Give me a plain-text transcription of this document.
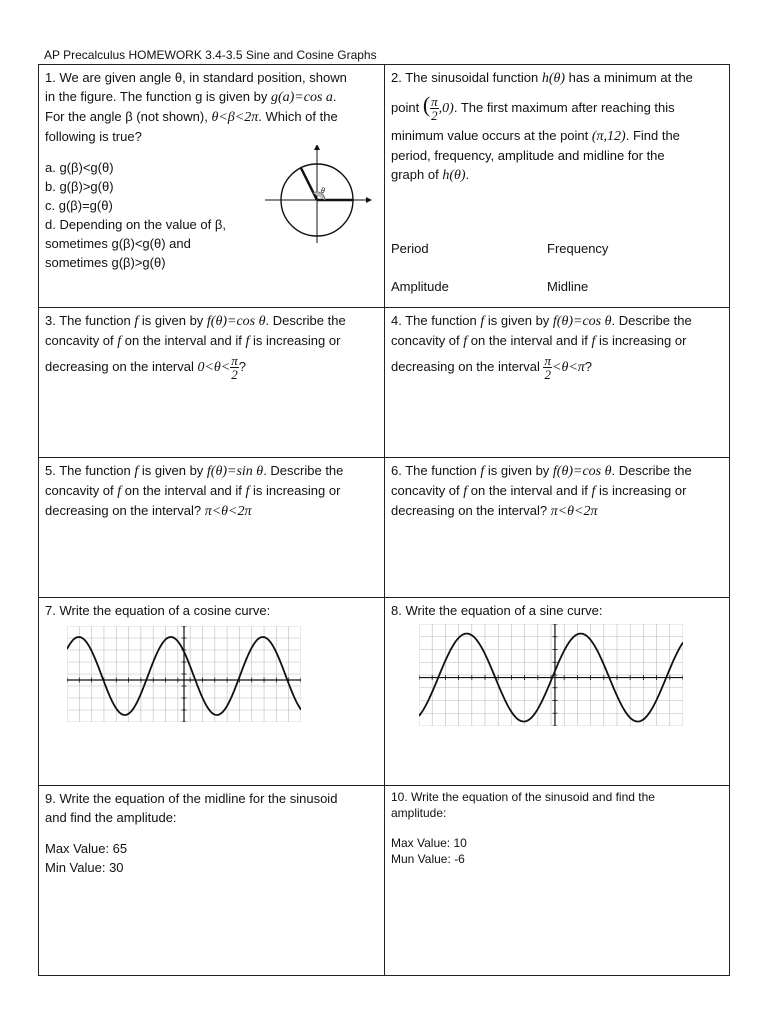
AP Precalculus HOMEWORK 3.4-3.5 Sine and Cosine Graphs
1. We are given angle θ, in standard position, shown
in the figure. The function g is given by g(a)=cos a.
For the angle β (not shown), θ<β<2π. Which of the
following is true?
a. g(β)<g(θ)
b. g(β)>g(θ)
c. g(β)=g(θ)
d. Depending on the value of β,
sometimes g(β)<g(θ) and
sometimes g(β)>g(θ)
θ
2. The sinusoidal function h(θ) has a minimum at the
point ( $\frac{\pi}{2} ,0$). The first maximum after reaching this
minimum value occurs at the point (π,12). Find the
period, frequency, amplitude and midline for the
graph of h(θ).
Period	Frequency
Amplitude	Midline
3. The function f is given by f(θ)=cos θ. Describe the
concavity of f on the interval and if f is increasing or
decreasing on the interval $0<\theta< \frac{\pi}{2}$ ?
4. The function f is given by f(θ)=cos θ. Describe the
concavity of f on the interval and if f is increasing or
decreasing on the interval $\frac{\pi}{2} <\theta<\pi$?
5. The function f is given by f(θ)=sin θ. Describe the
concavity of f on the interval and if f is increasing or
decreasing on the interval? π<θ<2π
6. The function f is given by f(θ)=cos θ. Describe the
concavity of f on the interval and if f is increasing or
decreasing on the interval? π<θ<2π
7. Write the equation of a cosine curve:	8. Write the equation of a sine curve:
9. Write the equation of the midline for the sinusoid
and find the amplitude:
Max Value: 65
Min Value: 30
10. Write the equation of the sinusoid and find the
amplitude:
Max Value: 10
Mun Value: -6
